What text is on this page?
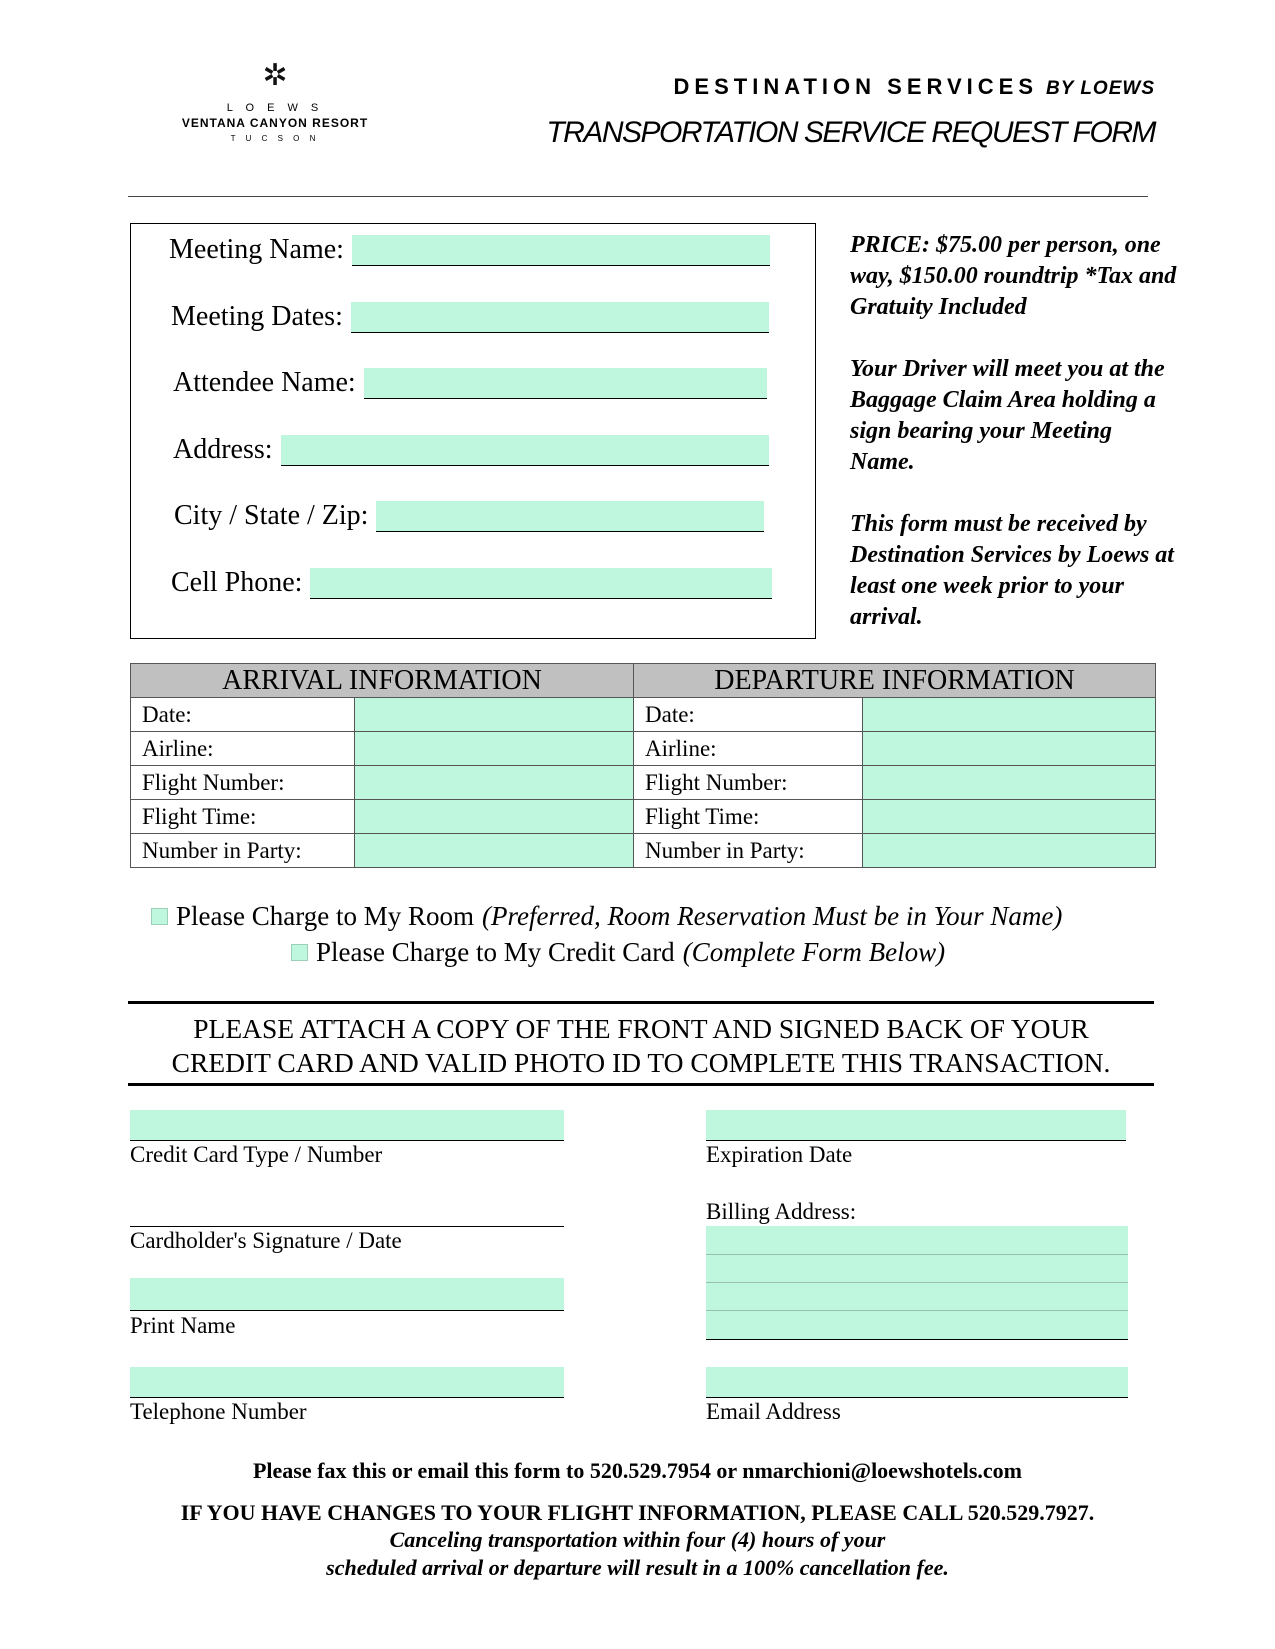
✲
L O E W S
VENTANA CANYON RESORT
T U C S O N
DESTINATION SERVICES BY LOEWS
TRANSPORTATION SERVICE REQUEST FORM
Meeting Name:
Meeting Dates:
Attendee Name:
Address:
City / State / Zip:
Cell Phone:

PRICE: $75.00 per person, one way, $150.00 roundtrip *Tax and Gratuity Included

Your Driver will meet you at the Baggage Claim Area holding a sign bearing your Meeting Name.

This form must be received by Destination Services by Loews at least one week prior to your arrival.

ARRIVAL INFORMATION		DEPARTURE INFORMATION	
Date:		Date:	
Airline:		Airline:	
Flight Number:		Flight Number:	
Flight Time:		Flight Time:	
Number in Party:		Number in Party:	
Please Charge to My Room (Preferred, Room Reservation Must be in Your Name)
Please Charge to My Credit Card (Complete Form Below)
PLEASE ATTACH A COPY OF THE FRONT AND SIGNED BACK OF YOUR
CREDIT CARD AND VALID PHOTO ID TO COMPLETE THIS TRANSACTION.
Credit Card Type / Number
Cardholder's Signature / Date
Print Name
Telephone Number
Expiration Date
Billing Address:
Email Address
Please fax this or email this form to 520.529.7954 or nmarchioni@loewshotels.com
IF YOU HAVE CHANGES TO YOUR FLIGHT INFORMATION, PLEASE CALL 520.529.7927.
Canceling transportation within four (4) hours of your
scheduled arrival or departure will result in a 100% cancellation fee.
